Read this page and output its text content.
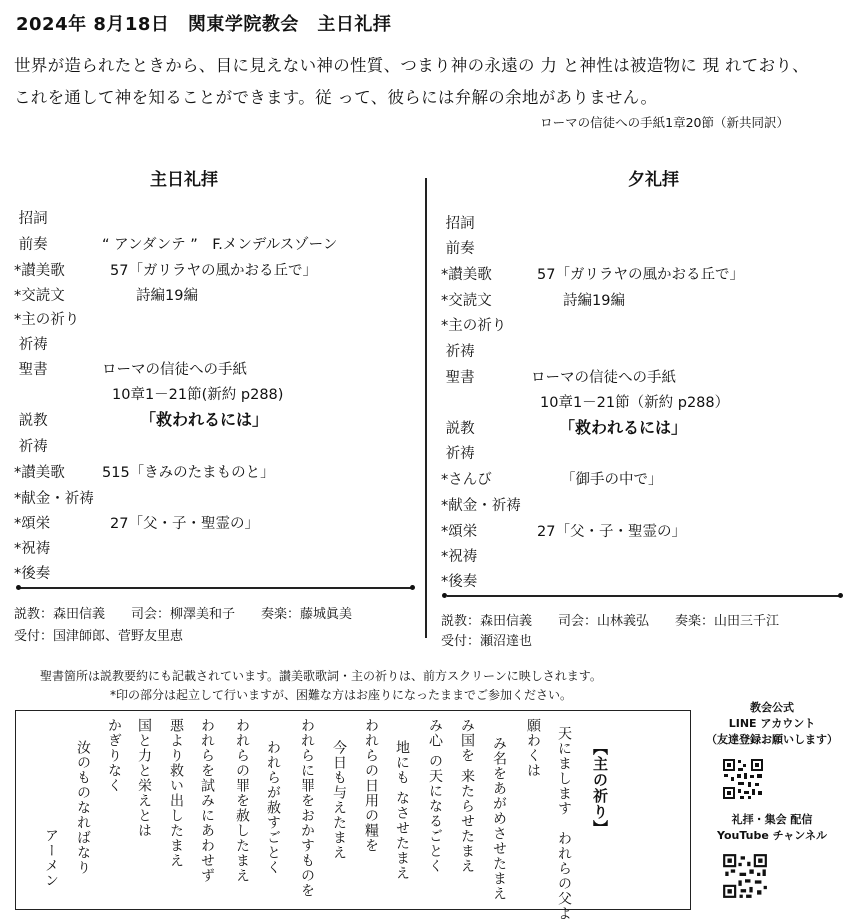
2024年 8月18日　関東学院教会　主日礼拝
世界が造られたときから、目に見えない神の性質、つまり神の永遠の 力 と神性は被造物に 現 れており、
これを通して神を知ることができます。従 って、彼らには弁解の余地がありません。
ローマの信徒への手紙1章20節（新共同訳）
主日礼拝	夕礼拝
招詞
前奏	“ アンダンテ ”　F.メンデルスゾーン
*讃美歌	57「ガリラヤの風かおる丘で」
*交読文	詩編19編
*主の祈り
祈祷
聖書	ローマの信徒への手紙
10章1－21節(新約 p288)
説教	「救われるには」
祈祷
*讃美歌	515「きみのたまものと」
*献金・祈祷
*頌栄	27「父・子・聖霊の」
*祝祷
*後奏
招詞
前奏
*讃美歌	57「ガリラヤの風かおる丘で」
*交読文	詩編19編
*主の祈り
祈祷
聖書	ローマの信徒への手紙
10章1－21節（新約 p288）
説教	「救われるには」
祈祷
*さんび	「御手の中で」
*献金・祈祷
*頌栄	27「父・子・聖霊の」
*祝祷
*後奏
説教：森田信義　　司会：柳澤美和子　　奏楽：藤城眞美
受付：国津師郎、菅野友里恵
説教：森田信義　　司会：山林義弘　　奏楽：山田三千江
受付：瀬沼達也
聖書箇所は説教要約にも記載されています。讃美歌歌詞・主の祈りは、前方スクリーンに映しされます。
*印の部分は起立して行いますが、困難な方はお座りになったままでご参加ください。
【主の祈り】
天にまします　われらの父よ
願わくは
み名をあがめさせたまえ
み国を 来たらせたまえ
み心 の天になるごとく
地にも なさせたまえ
われらの日用の糧を
今日も与えたまえ
われらに罪をおかすものを
われらが赦すごとく
われらの罪を赦したまえ
われらを試みにあわせず
悪より救い出したまえ
国と力と栄えとは
かぎりなく
汝のものなればなり
アーメン
教会公式
LINE アカウント
（友達登録お願いします）
礼拝・集会 配信
YouTube チャンネル
